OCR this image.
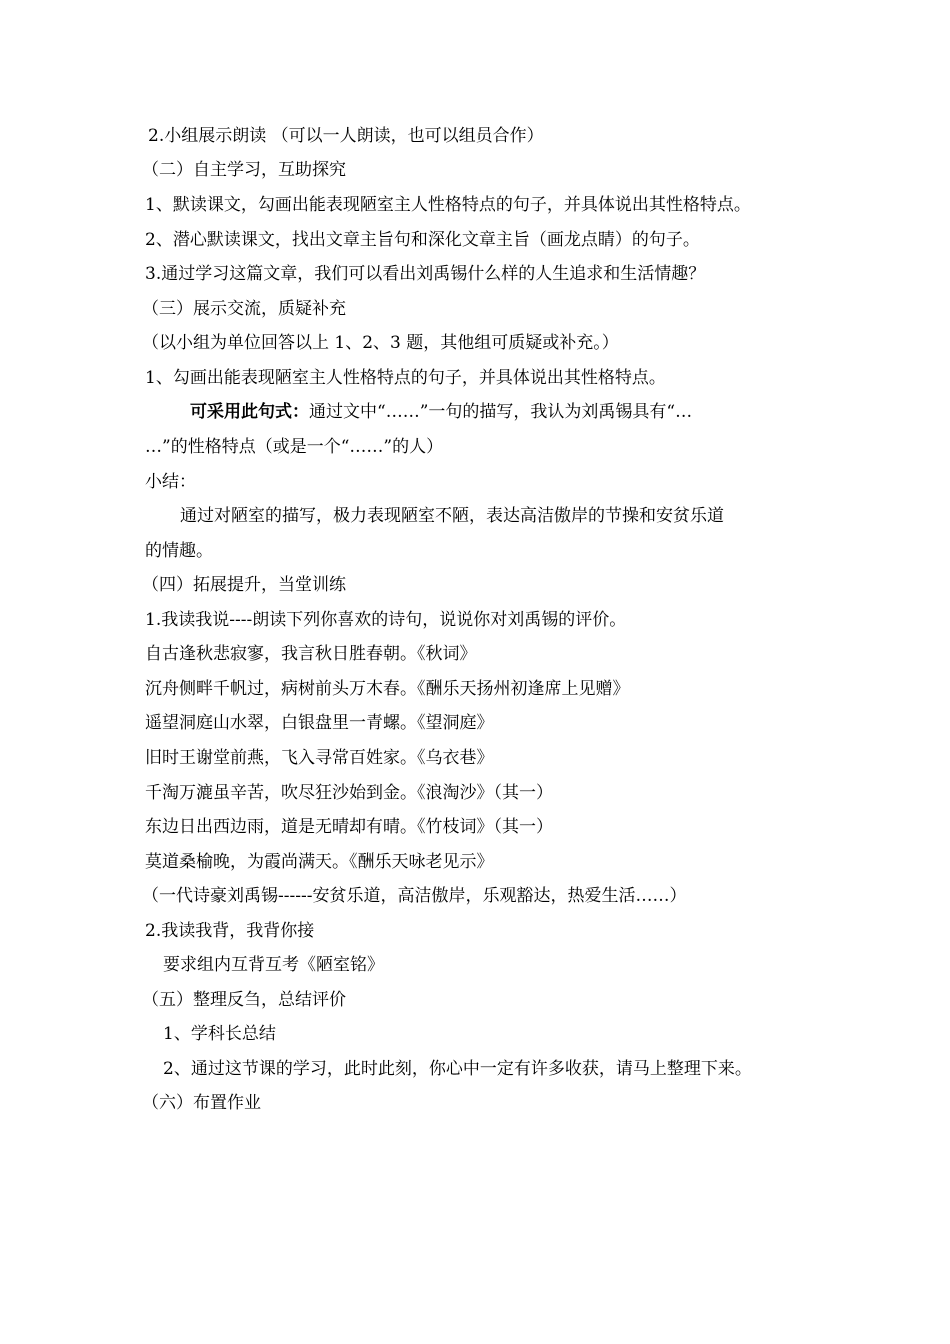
2.小组展示朗读 （可以一人朗读，也可以组员合作）
（二）自主学习，互助探究
1、默读课文，勾画出能表现陋室主人性格特点的句子，并具体说出其性格特点。
2、潜心默读课文，找出文章主旨句和深化文章主旨（画龙点睛）的句子。
3.通过学习这篇文章，我们可以看出刘禹锡什么样的人生追求和生活情趣？
（三）展示交流，质疑补充
（以小组为单位回答以上 1、2、3 题，其他组可质疑或补充。）
1、勾画出能表现陋室主人性格特点的句子，并具体说出其性格特点。
可采用此句式：通过文中“……”一句的描写，我认为刘禹锡具有“…
…”的性格特点（或是一个“……”的人）
小结：
通过对陋室的描写，极力表现陋室不陋，表达高洁傲岸的节操和安贫乐道
的情趣。
（四）拓展提升，当堂训练
1.我读我说----朗读下列你喜欢的诗句，说说你对刘禹锡的评价。
自古逢秋悲寂寥，我言秋日胜春朝。《秋词》
沉舟侧畔千帆过，病树前头万木春。《酬乐天扬州初逢席上见赠》
遥望洞庭山水翠，白银盘里一青螺。《望洞庭》
旧时王谢堂前燕，飞入寻常百姓家。《乌衣巷》
千淘万漉虽辛苦，吹尽狂沙始到金。《浪淘沙》（其一）
东边日出西边雨，道是无晴却有晴。《竹枝词》（其一）
莫道桑榆晚，为霞尚满天。《酬乐天咏老见示》
（一代诗豪刘禹锡------安贫乐道，高洁傲岸，乐观豁达，热爱生活……）
2.我读我背，我背你接
要求组内互背互考《陋室铭》
（五）整理反刍，总结评价
1、学科长总结
2、通过这节课的学习，此时此刻，你心中一定有许多收获，请马上整理下来。
（六）布置作业
